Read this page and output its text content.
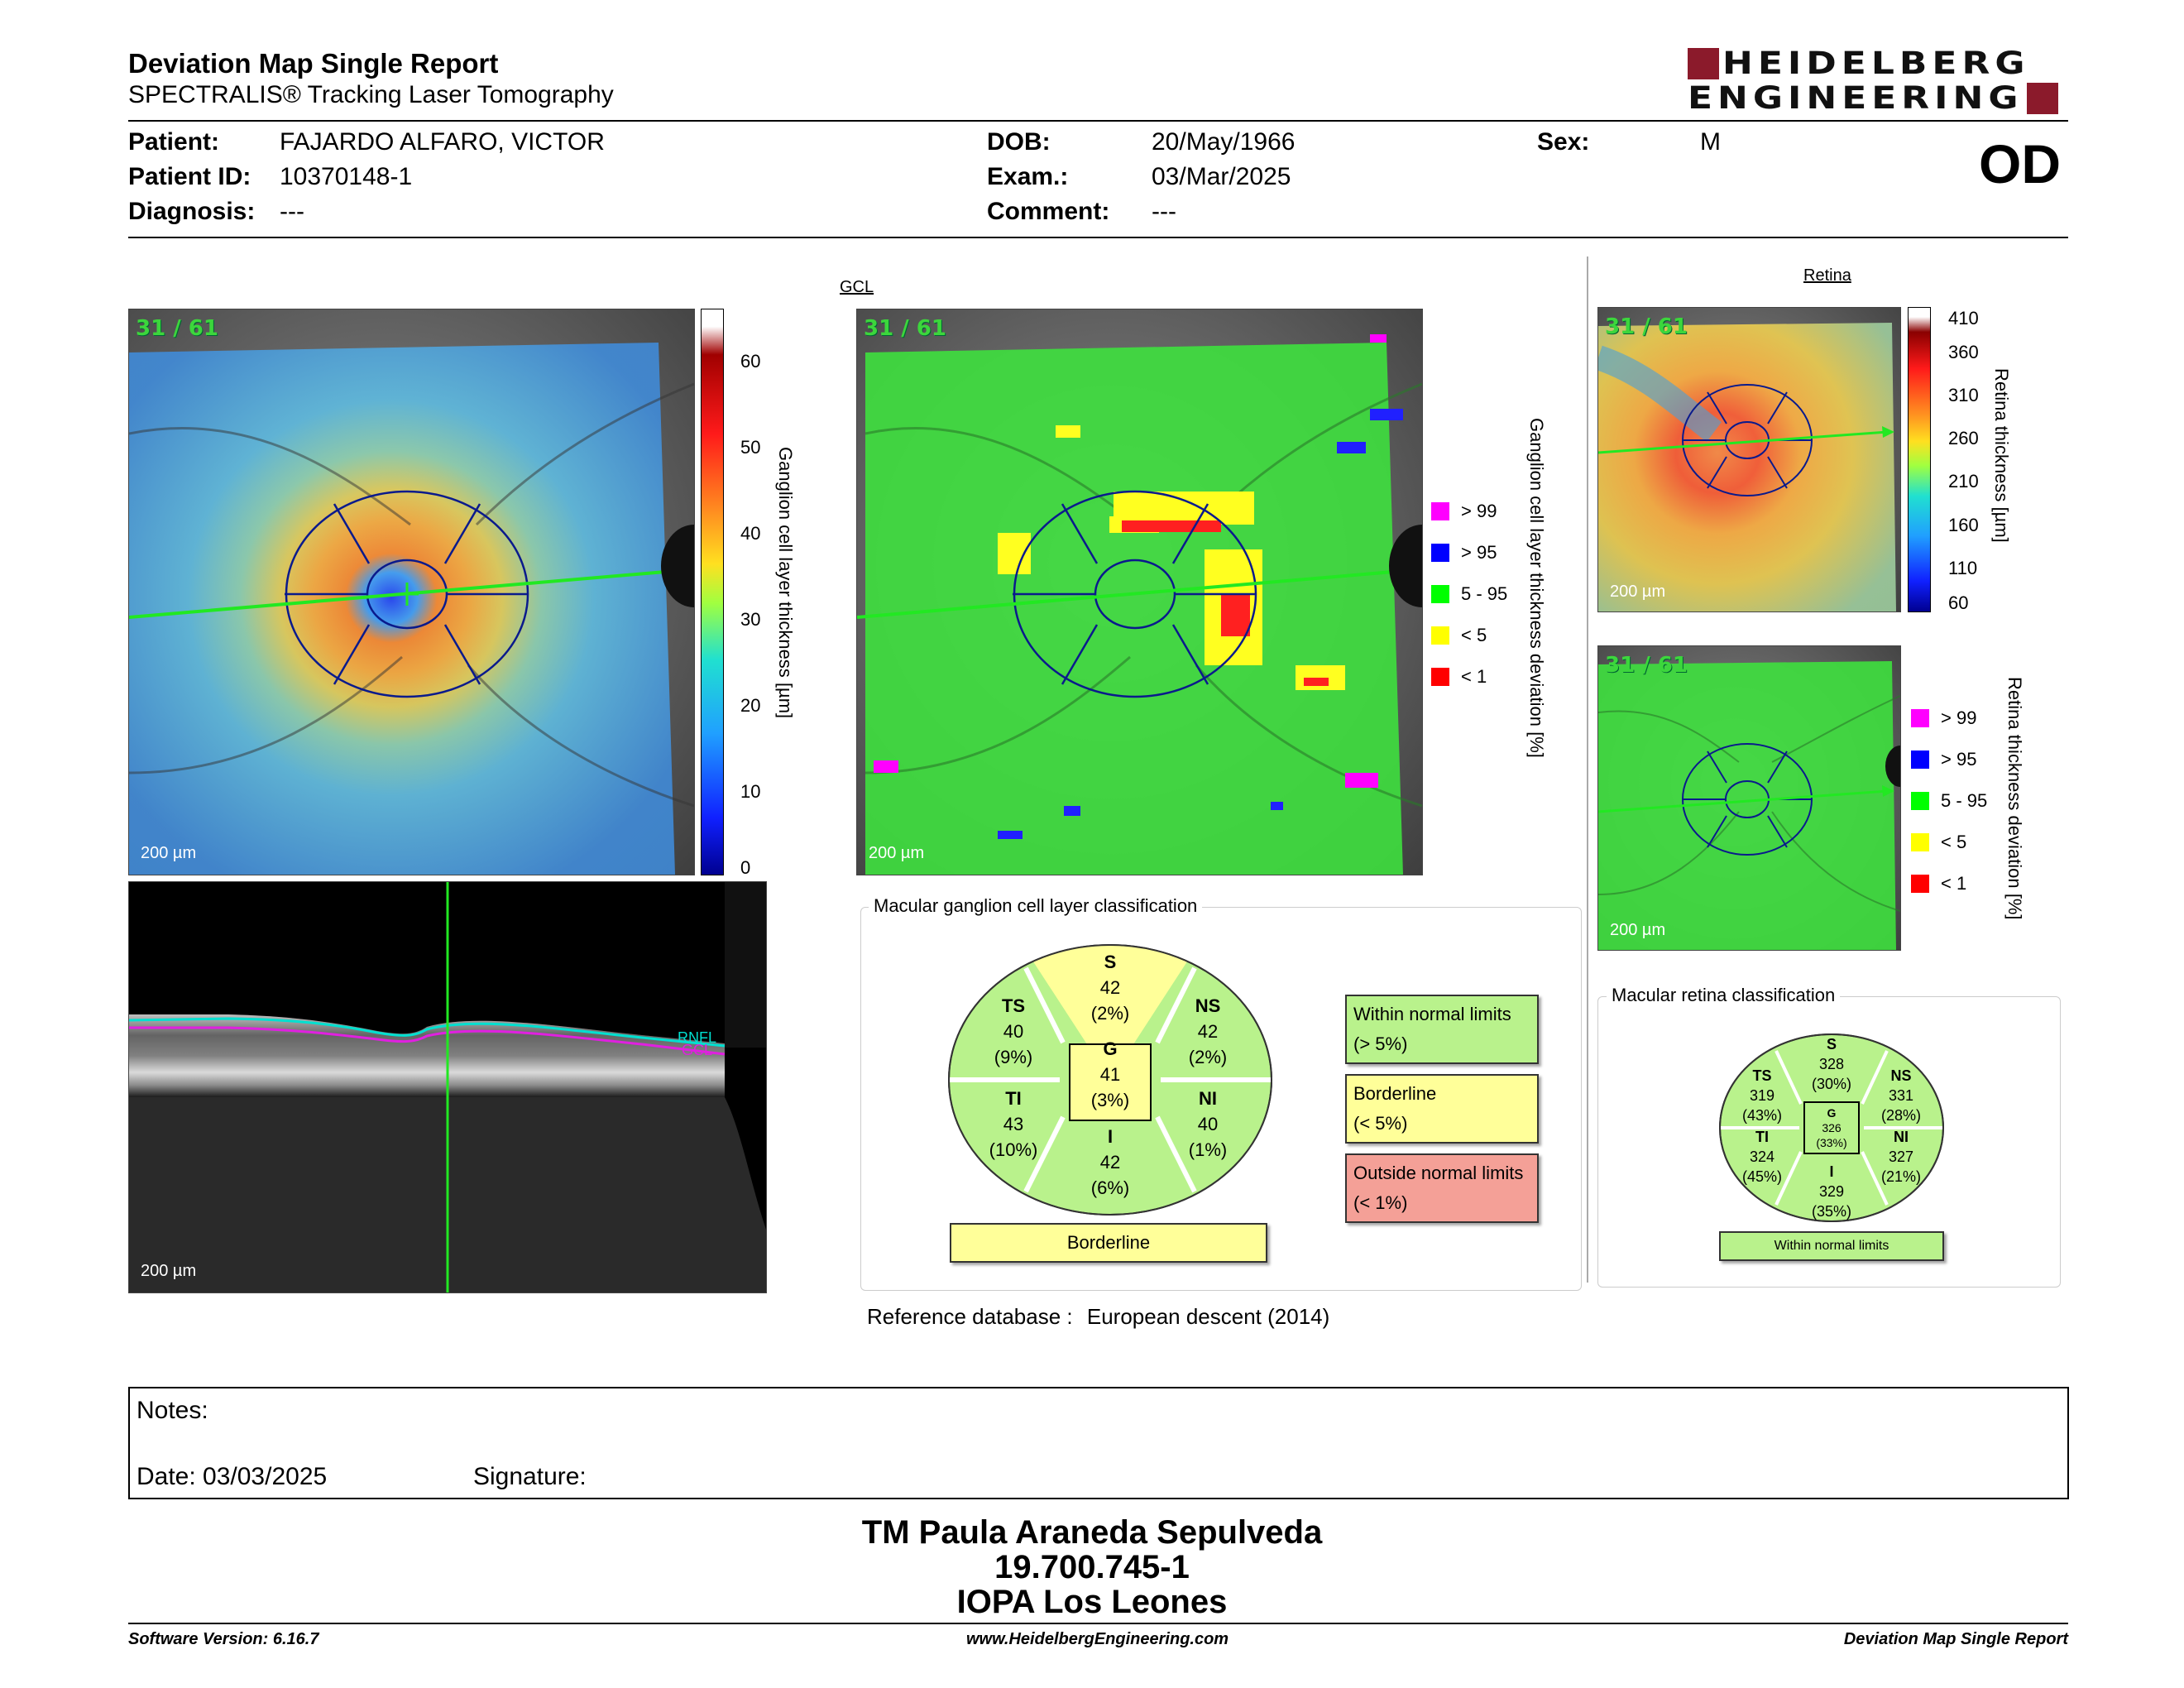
Deviation Map Single Report
SPECTRALIS® Tracking Laser Tomography
HEIDELBERG
ENGINEERING
Patient: FAJARDO ALFARO, VICTOR
Patient ID: 10370148-1
Diagnosis: ---
DOB:	20/May/1966
Exam.:	03/Mar/2025
Comment: ---
Sex:	M	OD
31 / 61
200 µm
60
50
40
30
20
10
0
Ganglion cell layer thickness [µm]
RNFL
GCL
200 µm
GCL
31 / 61
200 µm
> 99
> 95
5 - 95
< 5
< 1 Ganglion cell layer thickness deviation [%]
Macular ganglion cell layer classification
S
42
(2%)
TS
40
(9%)
NS
42
(2%)
G
41
(3%)
TI
43
(10%)
NI
40
(1%)
I
42
(6%)
Borderline
Within normal limits
(> 5%)
Borderline
(< 5%)
Outside normal limits
(< 1%)
Reference database : European descent (2014)
Retina
31 / 61
200 µm
410
360
310
260
210
160
110
60
Retina thickness [µm]
31 / 61
200 µm
> 99
> 95
5 - 95
< 5
< 1 Retina thickness deviation [%]
Macular retina classification
S
328
(30%)
TS
319
(43%)
NS
331
(28%)
G
326
(33%)
TI
324
(45%)
NI
327
(21%)
I
329
(35%)
Within normal limits
Notes:
Date: 03/03/2025	Signature:
TM Paula Araneda Sepulveda
19.700.745-1
IOPA Los Leones
Software Version: 6.16.7	www.HeidelbergEngineering.com	Deviation Map Single Report
